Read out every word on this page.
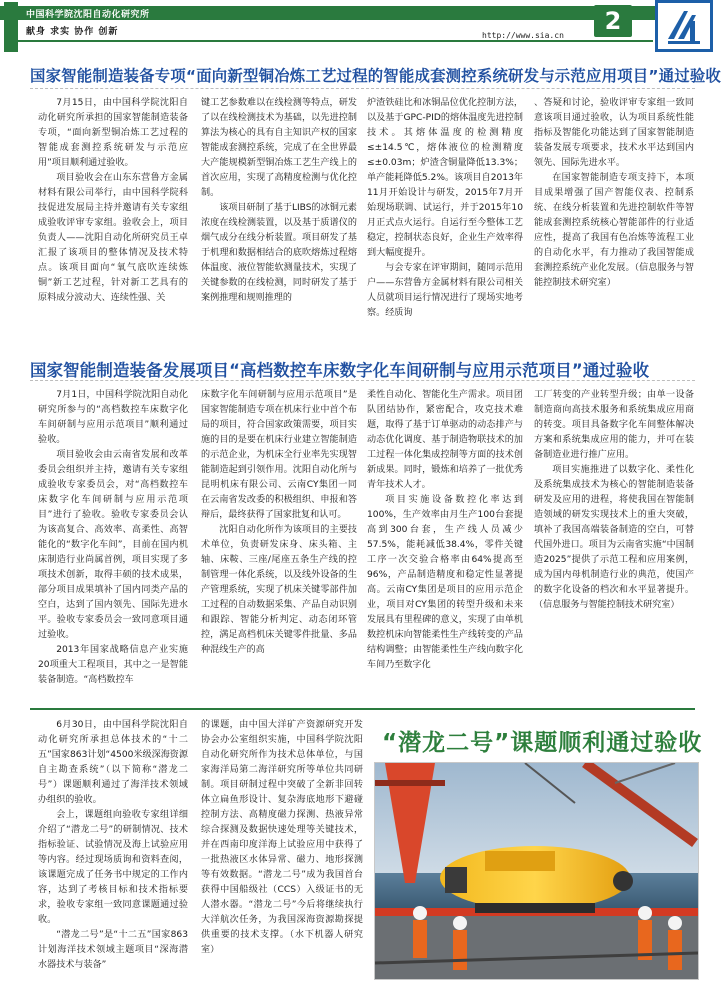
中国科学院沈阳自动化研究所
献身 求实 协作 创新	http://www.sia.cn
2
国家智能制造装备专项“面向新型铜冶炼工艺过程的智能成套测控系统研发与示范应用项目”通过验收
7月15日，由中国科学院沈阳自动化研究所承担的国家智能制造装备专项，“面向新型铜冶炼工艺过程的智能成套测控系统研发与示范应用”项目顺利通过验收。
项目验收会在山东东营鲁方金属材料有限公司举行，由中国科学院科技促进发展局主持并邀请有关专家组成验收评审专家组。验收会上，项目负责人——沈阳自动化所研究员王卓汇报了该项目的整体情况及技术特点。该项目面向“氧气底吹连续炼铜”新工艺过程，针对新工艺具有的原料成分波动大、连续性强、关
键工艺参数难以在线检测等特点，研发了以在线检测技术为基础，以先进控制算法为核心的具有自主知识产权的国家智能成套测控系统，完成了在全世界最大产能规模新型铜冶炼工艺生产线上的首次应用，实现了高精度检测与优化控制。
该项目研制了基于LIBS的冰铜元素浓度在线检测装置，以及基于质谱仪的烟气成分在线分析装置。项目研发了基于机理和数据相结合的底吹熔炼过程熔体温度、液位智能软测量技术，实现了关键参数的在线检测，同时研发了基于案例推理和规则推理的
炉渣铁硅比和冰铜品位优化控制方法，以及基于GPC-PID的熔体温度先进控制技术。其熔体温度的检测精度≤±14.5℃，熔体液位的检测精度≤±0.03m；炉渣含铜量降低13.3%；单产能耗降低5.2%。该项目自2013年11月开始设计与研发，2015年7月开始现场联调、试运行，并于2015年10月正式点火运行。自运行至今整体工艺稳定，控制状态良好，企业生产效率得到大幅度提升。
与会专家在评审期间，随同示范用户——东营鲁方金属材料有限公司相关人员就项目运行情况进行了现场实地考察。经质询
、答疑和讨论，验收评审专家组一致同意该项目通过验收，认为项目系统性能指标及智能化功能达到了国家智能制造装备发展专项要求，技术水平达到国内领先、国际先进水平。
在国家智能制造专项支持下，本项目成果增强了国产智能仪表、控制系统、在线分析装置和先进控制软件等智能成套测控系统核心智能部件的行业适应性，提高了我国有色冶炼等流程工业的自动化水平，有力推动了我国智能成套测控系统产业化发展。（信息服务与智能控制技术研究室）
国家智能制造装备发展项目“高档数控车床数字化车间研制与应用示范项目”通过验收
7月1日，中国科学院沈阳自动化研究所参与的“高档数控车床数字化车间研制与应用示范项目”顺利通过验收。
项目验收会由云南省发展和改革委员会组织并主持，邀请有关专家组成验收专家委员会，对“高档数控车床数字化车间研制与应用示范项目”进行了验收。验收专家委员会认为该高复合、高效率、高柔性、高智能化的“数字化车间”，目前在国内机床制造行业尚属首例，项目实现了多项技术创新，取得丰硕的技术成果，部分项目成果填补了国内同类产品的空白，达到了国内领先、国际先进水平。验收专家委员会一致同意项目通过验收。
2013年国家战略信息产业实施20项重大工程项目，其中之一是智能装备制造。“高档数控车
床数字化车间研制与应用示范项目”是国家智能制造专项在机床行业中首个布局的项目，符合国家政策需要，项目实施的目的是要在机床行业建立智能制造的示范企业，为机床全行业率先实现智能制造起到引领作用。沈阳自动化所与昆明机床有限公司、云南CY集团一同在云南省发改委的积极组织、申报和答辩后，最终获得了国家批复和认可。
沈阳自动化所作为该项目的主要技术单位，负责研发床身、床头箱、主轴、床鞍、三座/尾座五条生产线的控制管理一体化系统，以及线外设备的生产管理系统，实现了机床关键零部件加工过程的自动数据采集、产品自动识别和跟踪、智能分析判定、动态闭环管控，满足高档机床关键零件批量、多品种混线生产的高
柔性自动化、智能化生产需求。项目团队团结协作，紧密配合，攻克技术难题，取得了基于订单驱动的动态排产与动态优化调度、基于制造物联技术的加工过程一体化集成控制等方面的技术创新成果。同时，锻炼和培养了一批优秀青年技术人才。
项目实施设备数控化率达到100%，生产效率由月生产100台套提高到300台套，生产线人员减少57.5%，能耗减低38.4%，零件关键工序一次交验合格率由64%提高至96%，产品制造精度和稳定性显著提高。云南CY集团是项目的应用示范企业，项目对CY集团的转型升级和未来发展具有里程碑的意义，实现了由单机数控机床向智能柔性生产线转变的产品结构调整；由智能柔性生产线向数字化车间乃至数字化
工厂转变的产业转型升级；由单一设备制造商向高技术服务和系统集成应用商的转变。项目具备数字化车间整体解决方案和系统集成应用的能力，并可在装备制造业进行推广应用。
项目实施推进了以数字化、柔性化及系统集成技术为核心的智能制造装备研发及应用的进程，将使我国在智能制造领域的研发实现技术上的重大突破，填补了我国高端装备制造的空白，可替代国外进口。项目为云南省实施“中国制造2025”提供了示范工程和应用案例，成为国内母机制造行业的典范，使国产的数字化设备的档次和水平显著提升。（信息服务与智能控制技术研究室）
6月30日，由中国科学院沈阳自动化研究所承担总体技术的“十二五”国家863计划“4500米级深海资源自主勘查系统”（以下简称“潜龙二号”）课题顺利通过了海洋技术领域办组织的验收。
会上，课题组向验收专家组详细介绍了“潜龙二号”的研制情况、技术指标验证、试验情况及海上试验应用等内容。经过现场质询和资料查阅，该课题完成了任务书中规定的工作内容，达到了考核目标和技术指标要求，验收专家组一致同意课题通过验收。
“潜龙二号”是“十二五”国家863计划海洋技术领域主题项目“深海潜水器技术与装备”
的课题，由中国大洋矿产资源研究开发协会办公室组织实施，中国科学院沈阳自动化研究所作为技术总体单位，与国家海洋局第二海洋研究所等单位共同研制。项目研制过程中突破了全新非回转体立扁鱼形设计、复杂海底地形下避碰控制方法、高精度磁力探测、热液异常综合探测及数据快速处理等关键技术，并在西南印度洋海上试验应用中获得了一批热液区水体异常、磁力、地形探测等有效数据。“潜龙二号”成为我国首台获得中国船级社（CCS）入级证书的无人潜水器。“潜龙二号”今后将继续执行大洋航次任务，为我国深海资源勘探提供重要的技术支撑。（水下机器人研究室）
“潜龙二号”课题顺利通过验收
